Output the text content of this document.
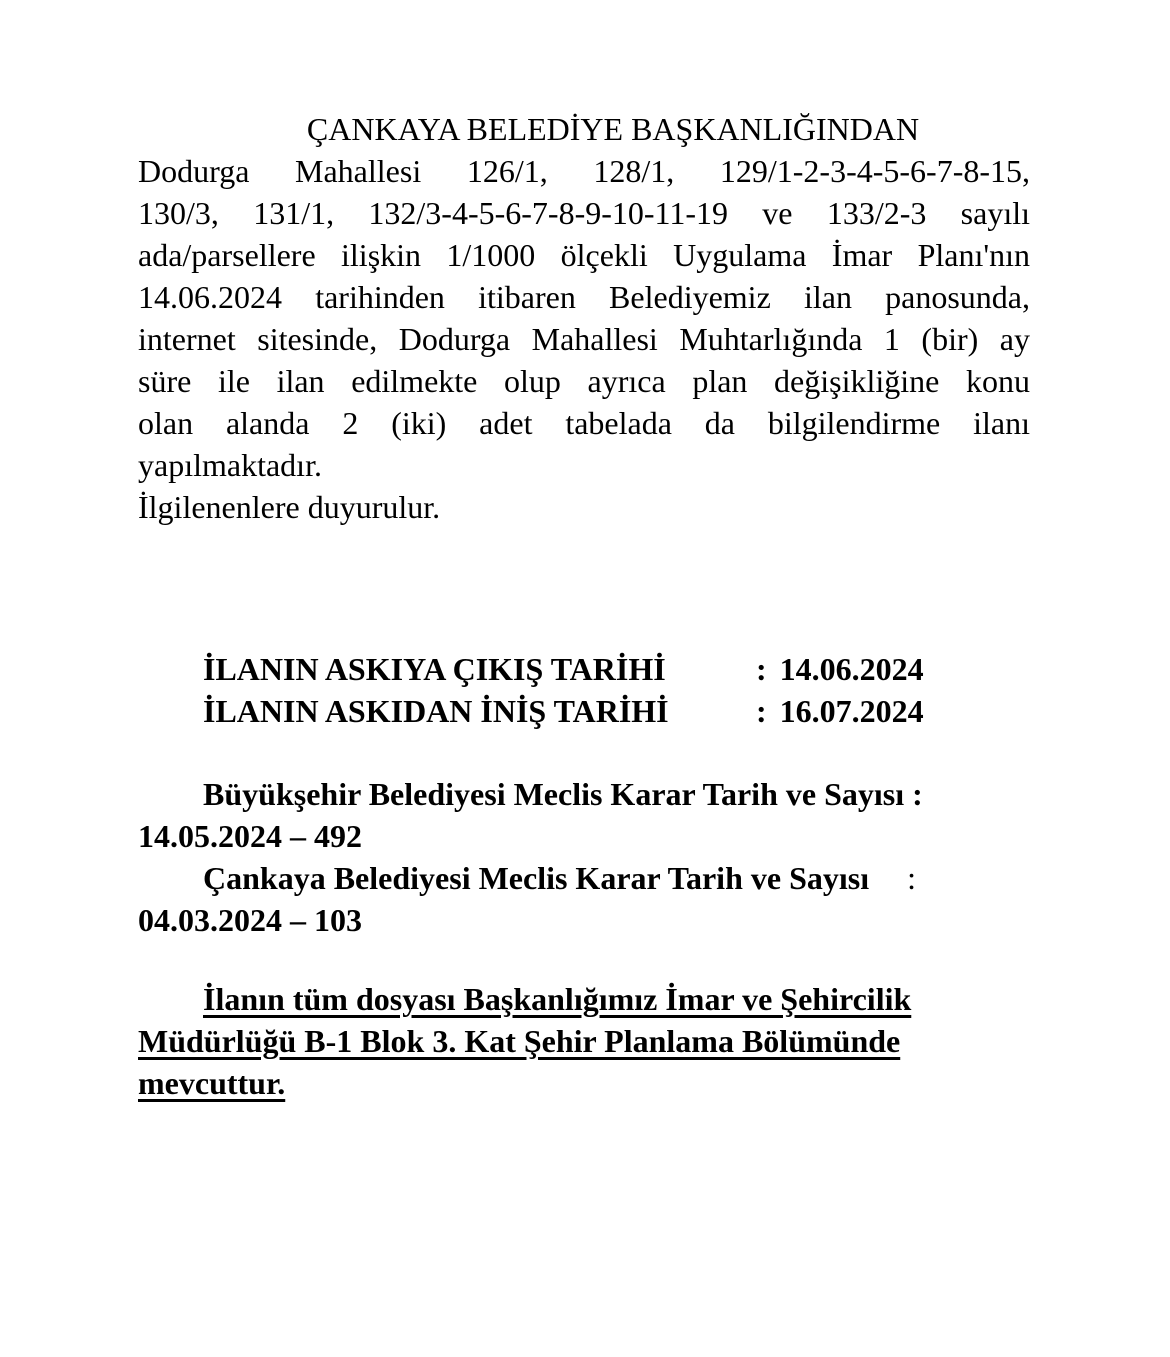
ÇANKAYA BELEDİYE BAŞKANLIĞINDAN
Dodurga Mahallesi 126/1, 128/1, 129/1-2-3-4-5-6-7-8-15,
130/3, 131/1, 132/3-4-5-6-7-8-9-10-11-19 ve 133/2-3 sayılı
ada/parsellere ilişkin 1/1000 ölçekli Uygulama İmar Planı'nın
14.06.2024 tarihinden itibaren Belediyemiz ilan panosunda,
internet sitesinde, Dodurga Mahallesi Muhtarlığında 1 (bir) ay
süre ile ilan edilmekte olup ayrıca plan değişikliğine konu
olan alanda 2 (iki) adet tabelada da bilgilendirme ilanı
yapılmaktadır.
İlgilenenlere duyurulur.
İLANIN ASKIYA ÇIKIŞ TARİHİ	: 14.06.2024
İLANIN ASKIDAN İNİŞ TARİHİ	: 16.07.2024
Büyükşehir Belediyesi Meclis Karar Tarih ve Sayısı :
14.05.2024 – 492
Çankaya Belediyesi Meclis Karar Tarih ve Sayısı :
04.03.2024 – 103
İlanın tüm dosyası Başkanlığımız İmar ve Şehircilik
Müdürlüğü B-1 Blok 3. Kat Şehir Planlama Bölümünde
mevcuttur.
